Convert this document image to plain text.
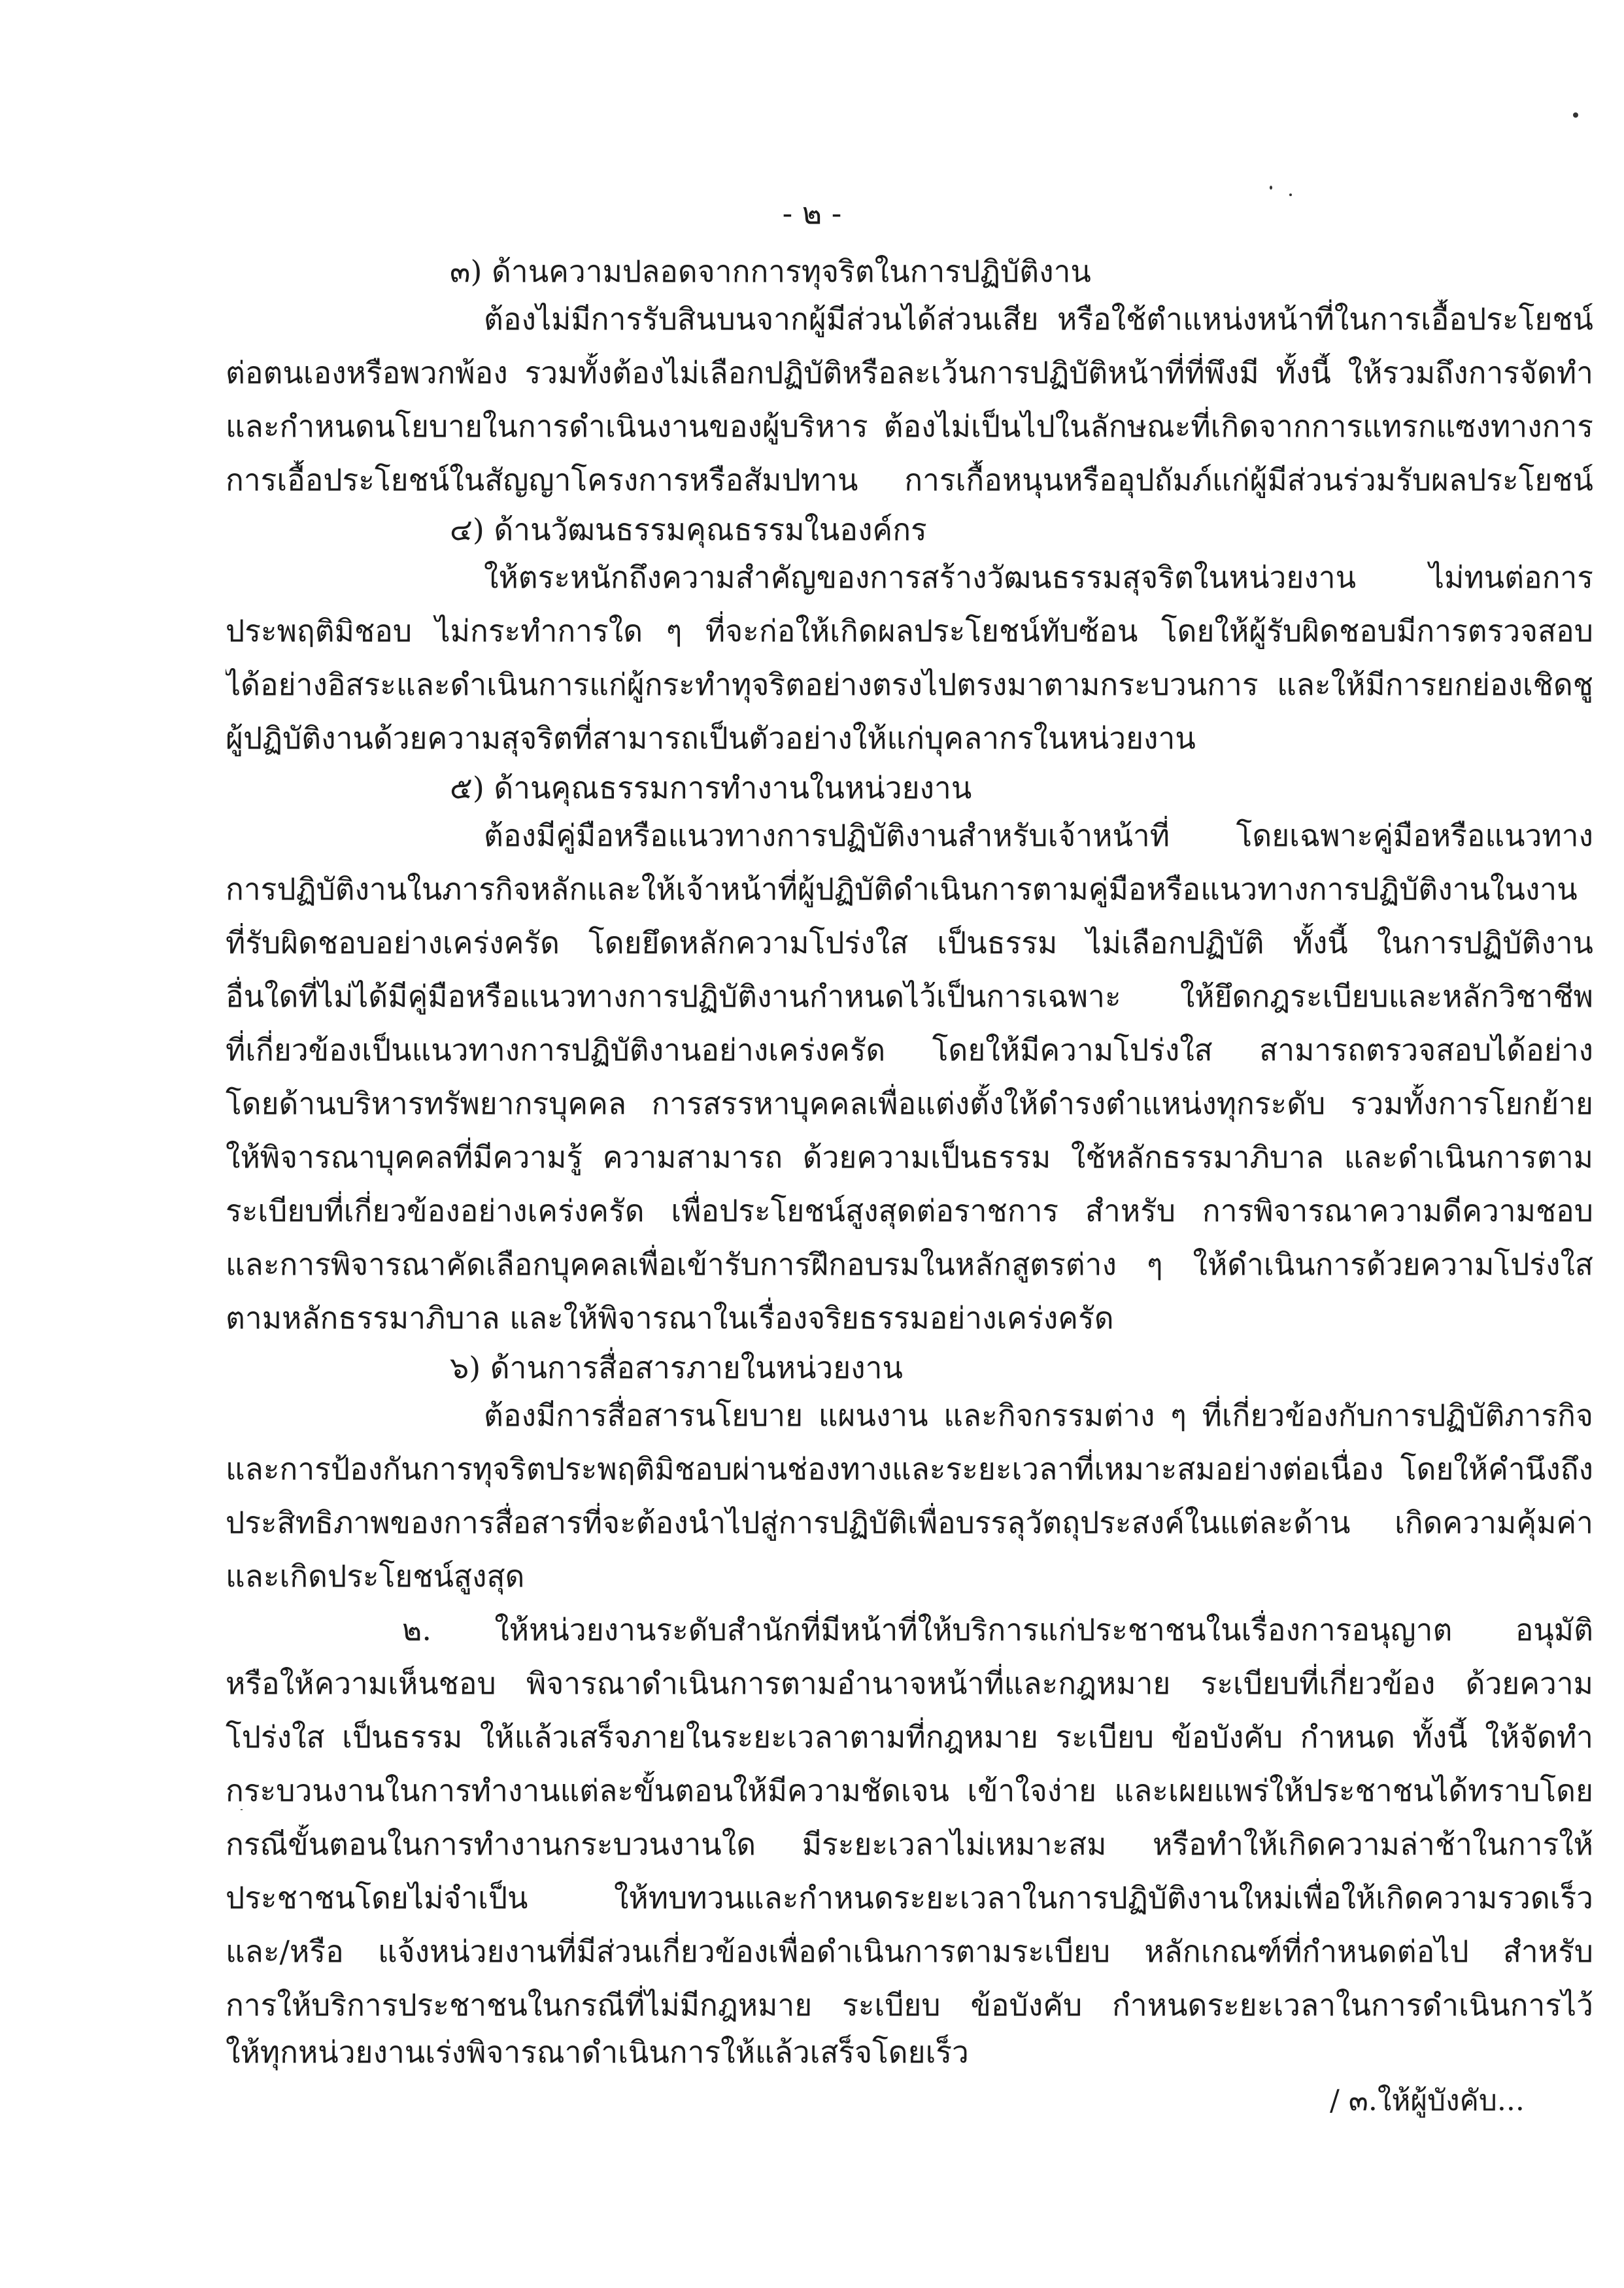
- ๒ -
๓) ด้านความปลอดจากการทุจริตในการปฏิบัติงาน
ต้องไม่มีการรับสินบนจากผู้มีส่วนได้ส่วนเสีย หรือใช้ตำแหน่งหน้าที่ในการเอื้อประโยชน์
ต่อตนเองหรือพวกพ้อง รวมทั้งต้องไม่เลือกปฏิบัติหรือละเว้นการปฏิบัติหน้าที่ที่พึงมี ทั้งนี้ ให้รวมถึงการจัดทำ
และกำหนดนโยบายในการดำเนินงานของผู้บริหาร ต้องไม่เป็นไปในลักษณะที่เกิดจากการแทรกแซงทางการ
การเอื้อประโยชน์ในสัญญาโครงการหรือสัมปทาน การเกื้อหนุนหรืออุปถัมภ์แก่ผู้มีส่วนร่วมรับผลประโยชน์
๔) ด้านวัฒนธรรมคุณธรรมในองค์กร
ให้ตระหนักถึงความสำคัญของการสร้างวัฒนธรรมสุจริตในหน่วยงาน ไม่ทนต่อการ
ประพฤติมิชอบ ไม่กระทำการใด ๆ ที่จะก่อให้เกิดผลประโยชน์ทับซ้อน โดยให้ผู้รับผิดชอบมีการตรวจสอบ
ได้อย่างอิสระและดำเนินการแก่ผู้กระทำทุจริตอย่างตรงไปตรงมาตามกระบวนการ และให้มีการยกย่องเชิดชู
ผู้ปฏิบัติงานด้วยความสุจริตที่สามารถเป็นตัวอย่างให้แก่บุคลากรในหน่วยงาน
๕) ด้านคุณธรรมการทำงานในหน่วยงาน
ต้องมีคู่มือหรือแนวทางการปฏิบัติงานสำหรับเจ้าหน้าที่ โดยเฉพาะคู่มือหรือแนวทาง
การปฏิบัติงานในภารกิจหลักและให้เจ้าหน้าที่ผู้ปฏิบัติดำเนินการตามคู่มือหรือแนวทางการปฏิบัติงานในงาน
ที่รับผิดชอบอย่างเคร่งครัด โดยยึดหลักความโปร่งใส เป็นธรรม ไม่เลือกปฏิบัติ ทั้งนี้ ในการปฏิบัติงาน
อื่นใดที่ไม่ได้มีคู่มือหรือแนวทางการปฏิบัติงานกำหนดไว้เป็นการเฉพาะ ให้ยึดกฎระเบียบและหลักวิชาชีพ
ที่เกี่ยวข้องเป็นแนวทางการปฏิบัติงานอย่างเคร่งครัด โดยให้มีความโปร่งใส สามารถตรวจสอบได้อย่าง
โดยด้านบริหารทรัพยากรบุคคล การสรรหาบุคคลเพื่อแต่งตั้งให้ดำรงตำแหน่งทุกระดับ รวมทั้งการโยกย้าย
ให้พิจารณาบุคคลที่มีความรู้ ความสามารถ ด้วยความเป็นธรรม ใช้หลักธรรมาภิบาล และดำเนินการตาม
ระเบียบที่เกี่ยวข้องอย่างเคร่งครัด เพื่อประโยชน์สูงสุดต่อราชการ สำหรับ การพิจารณาความดีความชอบ
และการพิจารณาคัดเลือกบุคคลเพื่อเข้ารับการฝึกอบรมในหลักสูตรต่าง ๆ ให้ดำเนินการด้วยความโปร่งใส
ตามหลักธรรมาภิบาล และให้พิจารณาในเรื่องจริยธรรมอย่างเคร่งครัด
๖) ด้านการสื่อสารภายในหน่วยงาน
ต้องมีการสื่อสารนโยบาย แผนงาน และกิจกรรมต่าง ๆ ที่เกี่ยวข้องกับการปฏิบัติภารกิจ
และการป้องกันการทุจริตประพฤติมิชอบผ่านช่องทางและระยะเวลาที่เหมาะสมอย่างต่อเนื่อง โดยให้คำนึงถึง
ประสิทธิภาพของการสื่อสารที่จะต้องนำไปสู่การปฏิบัติเพื่อบรรลุวัตถุประสงค์ในแต่ละด้าน เกิดความคุ้มค่า
และเกิดประโยชน์สูงสุด
๒. ให้หน่วยงานระดับสำนักที่มีหน้าที่ให้บริการแก่ประชาชนในเรื่องการอนุญาต อนุมัติ
หรือให้ความเห็นชอบ พิจารณาดำเนินการตามอำนาจหน้าที่และกฎหมาย ระเบียบที่เกี่ยวข้อง ด้วยความ
โปร่งใส เป็นธรรม ให้แล้วเสร็จภายในระยะเวลาตามที่กฎหมาย ระเบียบ ข้อบังคับ กำหนด ทั้งนี้ ให้จัดทำ
กระบวนงานในการทำงานแต่ละขั้นตอนให้มีความชัดเจน เข้าใจง่าย และเผยแพร่ให้ประชาชนได้ทราบโดย
กรณีขั้นตอนในการทำงานกระบวนงานใด มีระยะเวลาไม่เหมาะสม หรือทำให้เกิดความล่าช้าในการให้
ประชาชนโดยไม่จำเป็น ให้ทบทวนและกำหนดระยะเวลาในการปฏิบัติงานใหม่เพื่อให้เกิดความรวดเร็ว
และ/หรือ แจ้งหน่วยงานที่มีส่วนเกี่ยวข้องเพื่อดำเนินการตามระเบียบ หลักเกณฑ์ที่กำหนดต่อไป สำหรับ
การให้บริการประชาชนในกรณีที่ไม่มีกฎหมาย ระเบียบ ข้อบังคับ กำหนดระยะเวลาในการดำเนินการไว้
ให้ทุกหน่วยงานเร่งพิจารณาดำเนินการให้แล้วเสร็จโดยเร็ว
/ ๓.ให้ผู้บังคับ...
